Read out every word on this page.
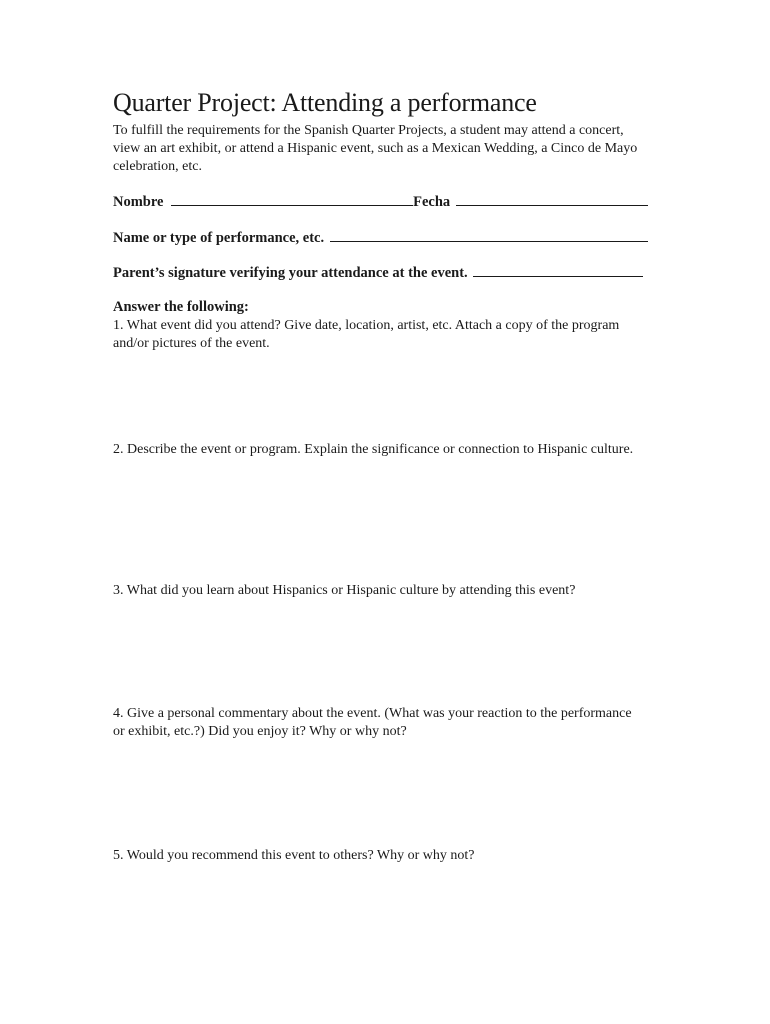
Quarter Project: Attending a performance

To fulfill the requirements for the Spanish Quarter Projects, a student may attend a concert, view an art exhibit, or attend a Hispanic event, such as a Mexican Wedding, a Cinco de Mayo celebration, etc.

Nombre	Fecha
Name or type of performance, etc.
Parent’s signature verifying your attendance at the event.

Answer the following:

1. What event did you attend? Give date, location, artist, etc. Attach a copy of the program and/or pictures of the event.

2. Describe the event or program. Explain the significance or connection to Hispanic culture.

3. What did you learn about Hispanics or Hispanic culture by attending this event?

4. Give a personal commentary about the event. (What was your reaction to the performance or exhibit, etc.?) Did you enjoy it? Why or why not?

5. Would you recommend this event to others? Why or why not?
